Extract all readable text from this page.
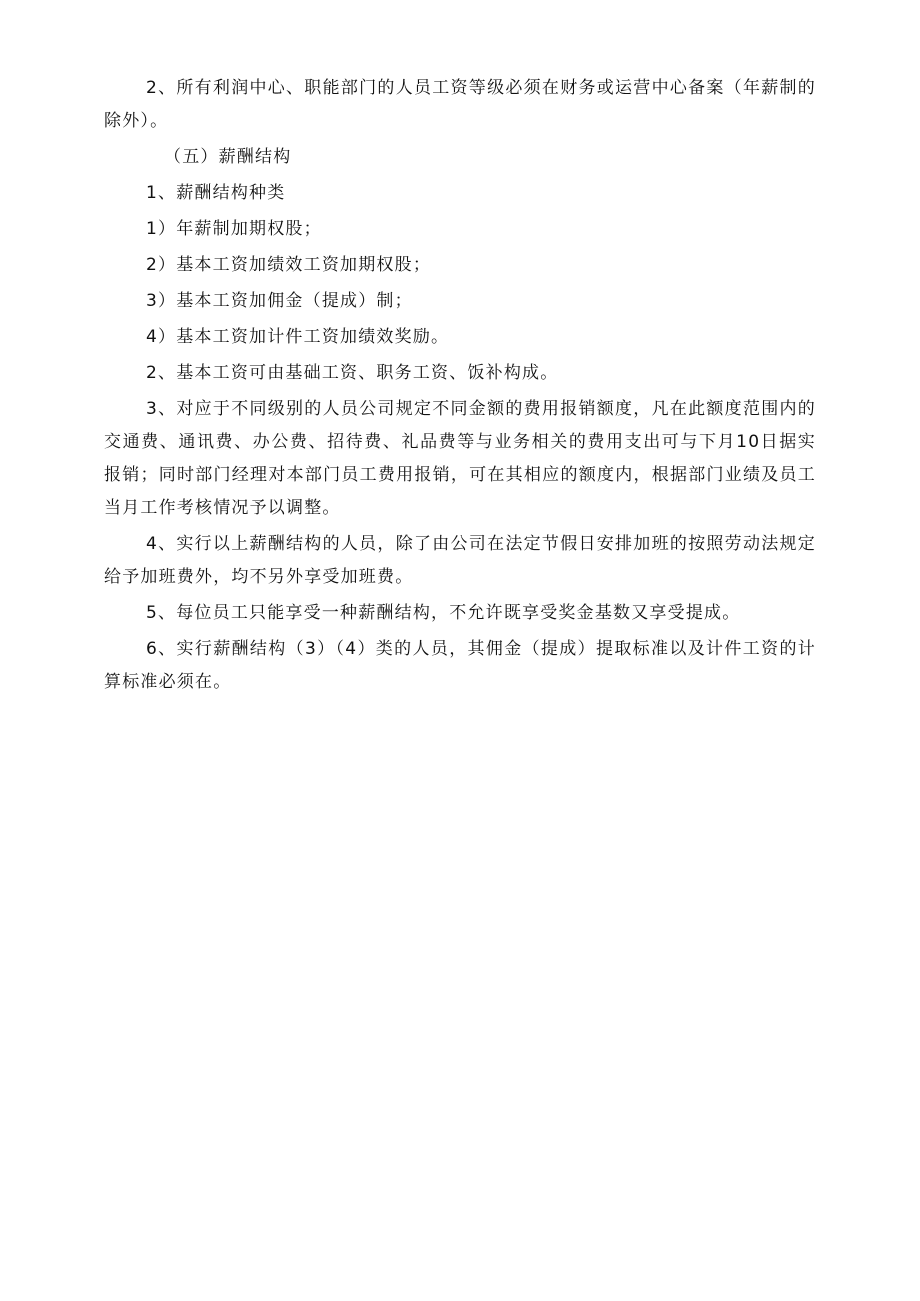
2、所有利润中心、职能部门的人员工资等级必须在财务或运营中心备案（年薪制的除外）。

（五）薪酬结构

1、薪酬结构种类

1）年薪制加期权股；

2）基本工资加绩效工资加期权股；

3）基本工资加佣金（提成）制；

4）基本工资加计件工资加绩效奖励。

2、基本工资可由基础工资、职务工资、饭补构成。

3、对应于不同级别的人员公司规定不同金额的费用报销额度，凡在此额度范围内的交通费、通讯费、办公费、招待费、礼品费等与业务相关的费用支出可与下月10日据实报销；同时部门经理对本部门员工费用报销，可在其相应的额度内，根据部门业绩及员工当月工作考核情况予以调整。

4、实行以上薪酬结构的人员，除了由公司在法定节假日安排加班的按照劳动法规定给予加班费外，均不另外享受加班费。

5、每位员工只能享受一种薪酬结构，不允许既享受奖金基数又享受提成。

6、实行薪酬结构（3）（4）类的人员，其佣金（提成）提取标准以及计件工资的计算标准必须在。
